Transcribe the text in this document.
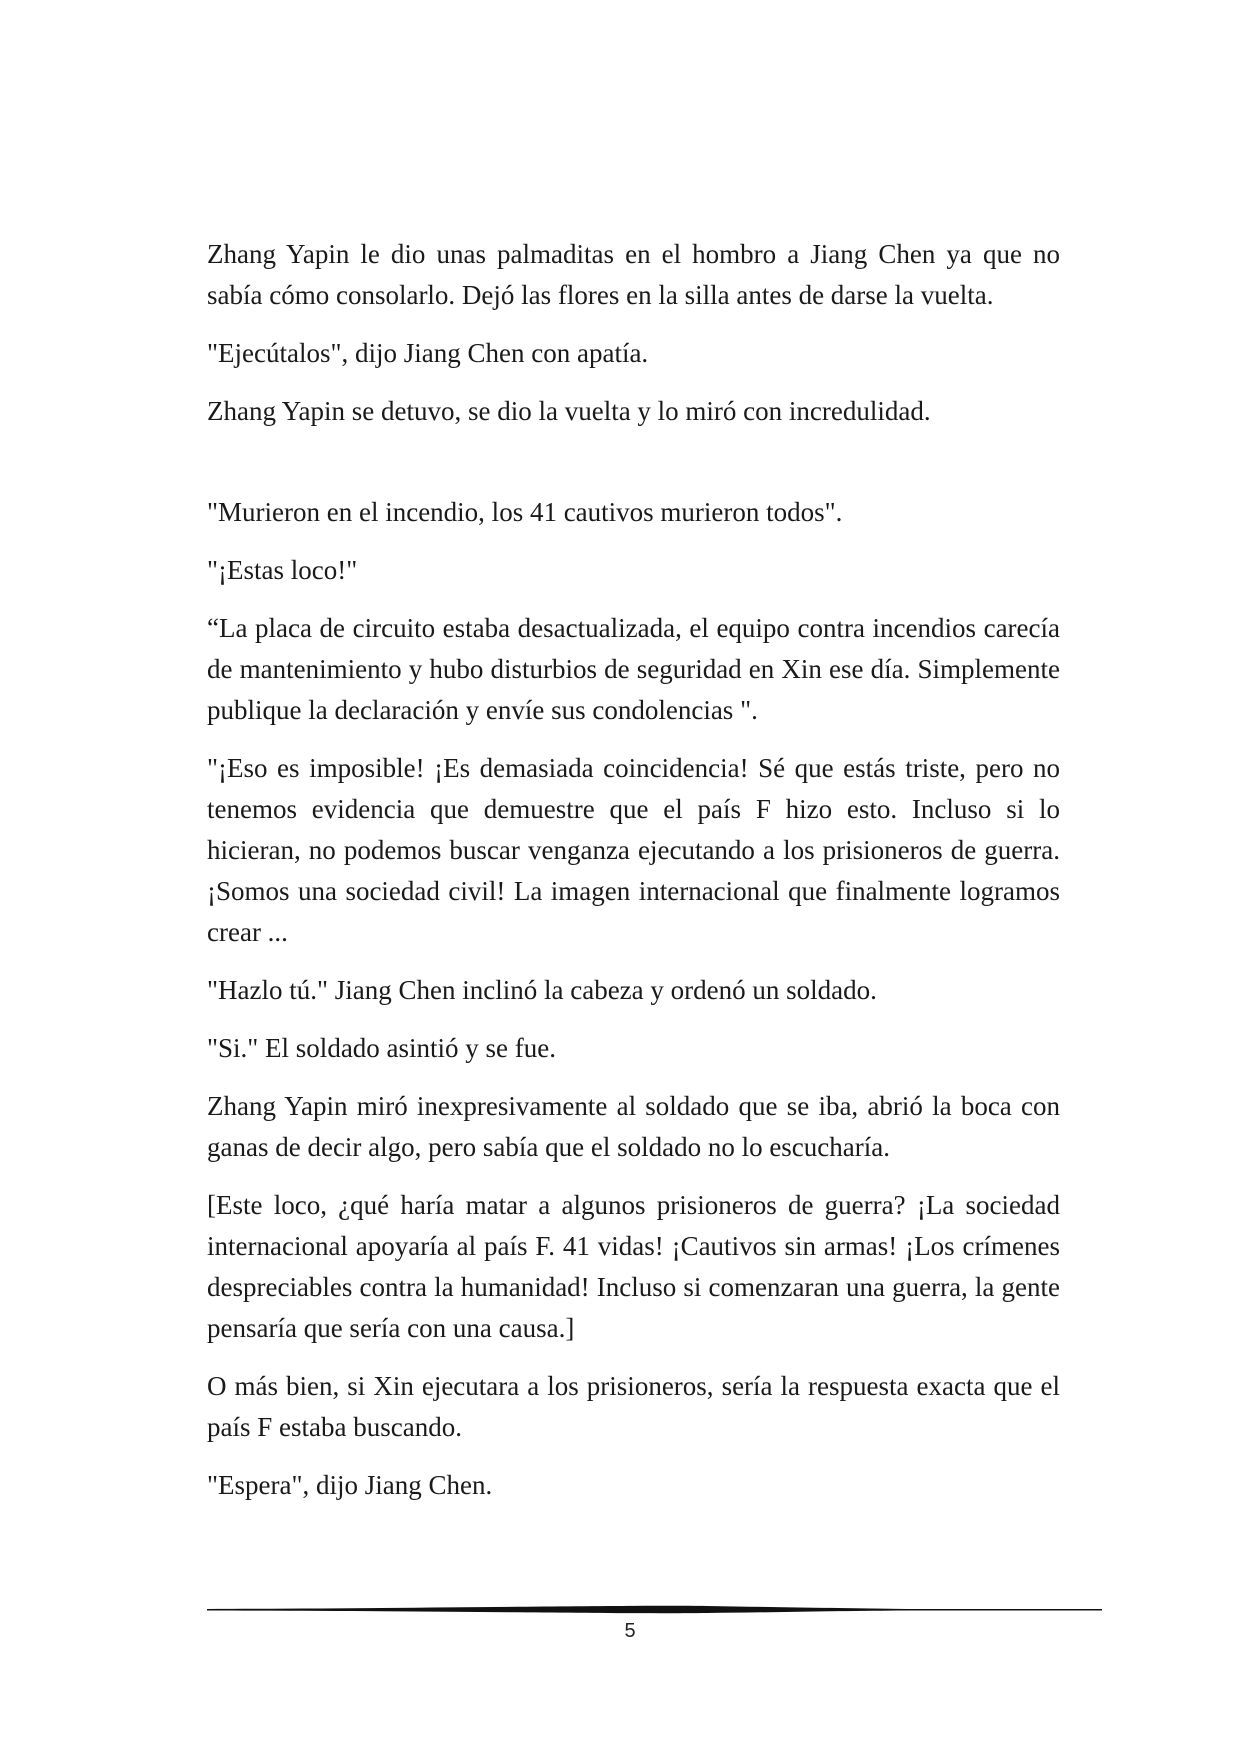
Zhang Yapin le dio unas palmaditas en el hombro a Jiang Chen ya que no sabía cómo consolarlo. Dejó las flores en la silla antes de darse la vuelta.

"Ejecútalos", dijo Jiang Chen con apatía.

Zhang Yapin se detuvo, se dio la vuelta y lo miró con incredulidad.

"Murieron en el incendio, los 41 cautivos murieron todos".

"¡Estas loco!"

“La placa de circuito estaba desactualizada, el equipo contra incendios carecía de mantenimiento y hubo disturbios de seguridad en Xin ese día. Simplemente publique la declaración y envíe sus condolencias ".

"¡Eso es imposible! ¡Es demasiada coincidencia! Sé que estás triste, pero no tenemos evidencia que demuestre que el país F hizo esto. Incluso si lo hicieran, no podemos buscar venganza ejecutando a los prisioneros de guerra. ¡Somos una sociedad civil! La imagen internacional que finalmente logramos crear ...

"Hazlo tú." Jiang Chen inclinó la cabeza y ordenó un soldado.

"Si." El soldado asintió y se fue.

Zhang Yapin miró inexpresivamente al soldado que se iba, abrió la boca con ganas de decir algo, pero sabía que el soldado no lo escucharía.

[Este loco, ¿qué haría matar a algunos prisioneros de guerra? ¡La sociedad internacional apoyaría al país F. 41 vidas! ¡Cautivos sin armas! ¡Los crímenes despreciables contra la humanidad! Incluso si comenzaran una guerra, la gente pensaría que sería con una causa.]

O más bien, si Xin ejecutara a los prisioneros, sería la respuesta exacta que el país F estaba buscando.

"Espera", dijo Jiang Chen.

5
